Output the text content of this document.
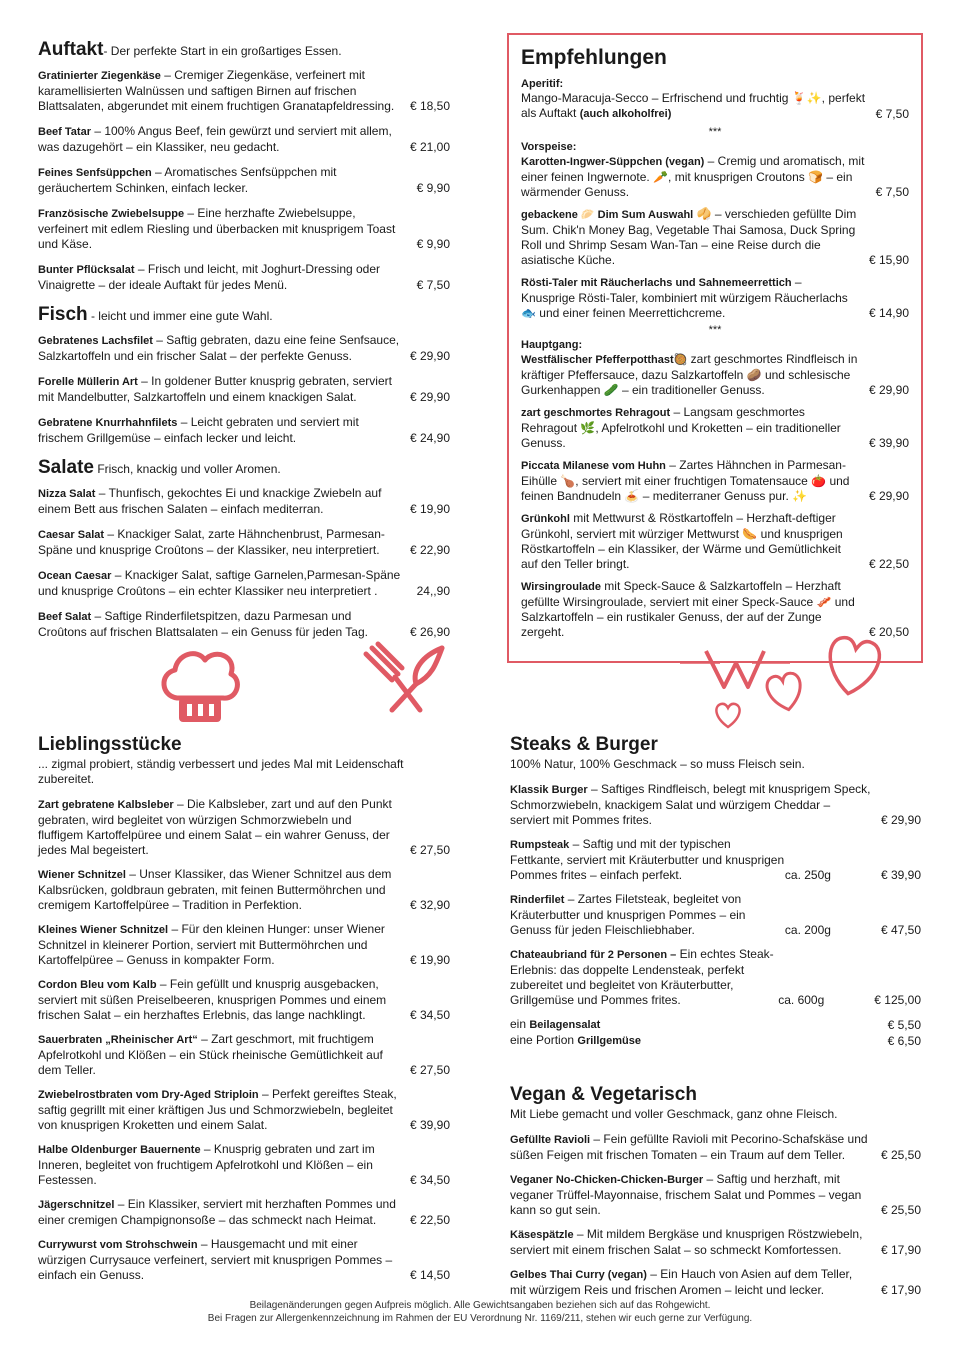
Auftakt- Der perfekte Start in ein großartiges Essen.
Gratinierter Ziegenkäse – Cremiger Ziegenkäse, verfeinert mit karamellisierten Walnüssen und saftigen Birnen auf frischen Blattsalaten, abgerundet mit einem fruchtigen Granatapfeldressing.	€ 18,50
Beef Tatar – 100% Angus Beef, fein gewürzt und serviert mit allem, was dazugehört – ein Klassiker, neu gedacht.	€ 21,00
Feines Senfsüppchen – Aromatisches Senfsüppchen mit geräuchertem Schinken, einfach lecker.	€ 9,90
Französische Zwiebelsuppe – Eine herzhafte Zwiebelsuppe, verfeinert mit edlem Riesling und überbacken mit knusprigem Toast und Käse.	€ 9,90
Bunter Pflücksalat – Frisch und leicht, mit Joghurt-Dressing oder Vinaigrette – der ideale Auftakt für jedes Menü.	€ 7,50
Fisch - leicht und immer eine gute Wahl.
Gebratenes Lachsfilet – Saftig gebraten, dazu eine feine Senfsauce, Salzkartoffeln und ein frischer Salat – der perfekte Genuss.	€ 29,90
Forelle Müllerin Art – In goldener Butter knusprig gebraten, serviert mit Mandelbutter, Salzkartoffeln und einem knackigen Salat.	€ 29,90
Gebratene Knurrhahnfilets – Leicht gebraten und serviert mit frischem Grillgemüse – einfach lecker und leicht.	€ 24,90
Salate Frisch, knackig und voller Aromen.
Nizza Salat – Thunfisch, gekochtes Ei und knackige Zwiebeln auf einem Bett aus frischen Salaten – einfach mediterran.	€ 19,90
Caesar Salat – Knackiger Salat, zarte Hähnchenbrust, Parmesan-Späne und knusprige Croûtons – der Klassiker, neu interpretiert.	€ 22,90
Ocean Caesar – Knackiger Salat, saftige Garnelen,Parmesan-Späne und knusprige Croûtons – ein echter Klassiker neu interpretiert .	24,,90
Beef Salat – Saftige Rinderfiletspitzen, dazu Parmesan und Croûtons auf frischen Blattsalaten – ein Genuss für jeden Tag.	€ 26,90
Empfehlungen
Aperitif:
Mango-Maracuja-Secco – Erfrischend und fruchtig 🍹✨, perfekt als Auftakt (auch alkoholfrei)	€ 7,50
***
Vorspeise:
Karotten-Ingwer-Süppchen (vegan) – Cremig und aromatisch, mit einer feinen Ingwernote. 🥕, mit knusprigen Croutons 🍞 – ein wärmender Genuss.	€ 7,50
gebackene 🥟 Dim Sum Auswahl 🥠 – verschieden gefüllte Dim Sum. Chik'n Money Bag, Vegetable Thai Samosa, Duck Spring Roll und Shrimp Sesam Wan-Tan – eine Reise durch die asiatische Küche.	€ 15,90
Rösti-Taler mit Räucherlachs und Sahnemeerrettich – Knusprige Rösti-Taler, kombiniert mit würzigem Räucherlachs 🐟 und einer feinen Meerrettichcreme.	€ 14,90
***
Hauptgang:
Westfälischer Pfefferpotthast🥘 zart geschmortes Rindfleisch in kräftiger Pfeffersauce, dazu Salzkartoffeln 🥔 und schlesische Gurkenhappen 🥒 – ein traditioneller Genuss.	€ 29,90
zart geschmortes Rehragout – Langsam geschmortes Rehragout 🌿, Apfelrotkohl und Kroketten – ein traditioneller Genuss.	€ 39,90
Piccata Milanese vom Huhn – Zartes Hähnchen in Parmesan-Eihülle 🍗, serviert mit einer fruchtigen Tomatensauce 🍅 und feinen Bandnudeln 🍝 – mediterraner Genuss pur. ✨	€ 29,90
Grünkohl mit Mettwurst & Röstkartoffeln – Herzhaft-deftiger Grünkohl, serviert mit würziger Mettwurst 🌭 und knusprigen Röstkartoffeln – ein Klassiker, der Wärme und Gemütlichkeit auf den Teller bringt.	€ 22,50
Wirsingroulade mit Speck-Sauce & Salzkartoffeln – Herzhaft gefüllte Wirsingroulade, serviert mit einer Speck-Sauce 🥓 und Salzkartoffeln – ein rustikaler Genuss, der auf der Zunge zergeht.	€ 20,50
Lieblingsstücke
... zigmal probiert, ständig verbessert und jedes Mal mit Leidenschaft zubereitet.
Zart gebratene Kalbsleber – Die Kalbsleber, zart und auf den Punkt gebraten, wird begleitet von würzigen Schmorzwiebeln und fluffigem Kartoffelpüree und einem Salat – ein wahrer Genuss, der jedes Mal begeistert.	€ 27,50
Wiener Schnitzel – Unser Klassiker, das Wiener Schnitzel aus dem Kalbsrücken, goldbraun gebraten, mit feinen Buttermöhrchen und cremigem Kartoffelpüree – Tradition in Perfektion.	€ 32,90
Kleines Wiener Schnitzel – Für den kleinen Hunger: unser Wiener Schnitzel in kleinerer Portion, serviert mit Buttermöhrchen und Kartoffelpüree – Genuss in kompakter Form.	€ 19,90
Cordon Bleu vom Kalb – Fein gefüllt und knusprig ausgebacken, serviert mit süßen Preiselbeeren, knusprigen Pommes und einem frischen Salat – ein herzhaftes Erlebnis, das lange nachklingt.	€ 34,50
Sauerbraten „Rheinischer Art“ – Zart geschmort, mit fruchtigem Apfelrotkohl und Klößen – ein Stück rheinische Gemütlichkeit auf dem Teller.	€ 27,50
Zwiebelrostbraten vom Dry-Aged Striploin – Perfekt gereiftes Steak, saftig gegrillt mit einer kräftigen Jus und Schmorzwiebeln, begleitet von knusprigen Kroketten und einem Salat.	€ 39,90
Halbe Oldenburger Bauernente – Knusprig gebraten und zart im Inneren, begleitet von fruchtigem Apfelrotkohl und Klößen – ein Festessen.	€ 34,50
Jägerschnitzel – Ein Klassiker, serviert mit herzhaften Pommes und einer cremigen Champignonsoße – das schmeckt nach Heimat.	€ 22,50
Currywurst vom Strohschwein – Hausgemacht und mit einer würzigen Currysauce verfeinert, serviert mit knusprigen Pommes – einfach ein Genuss.	€ 14,50
Steaks & Burger
100% Natur, 100% Geschmack – so muss Fleisch sein.
Klassik Burger – Saftiges Rindfleisch, belegt mit knusprigem Speck, Schmorzwiebeln, knackigem Salat und würzigem Cheddar – serviert mit Pommes frites.	€ 29,90
Rumpsteak – Saftig und mit der typischen Fettkante, serviert mit Kräuterbutter und knusprigen Pommes frites – einfach perfekt.	ca. 250g	€ 39,90
Rinderfilet – Zartes Filetsteak, begleitet von Kräuterbutter und knusprigen Pommes – ein Genuss für jeden Fleischliebhaber.	ca. 200g	€ 47,50
Chateaubriand für 2 Personen – Ein echtes Steak-Erlebnis: das doppelte Lendensteak, perfekt zubereitet und begleitet von Kräuterbutter, Grillgemüse und Pommes frites.	ca. 600g	€ 125,00
ein Beilagensalat	€ 5,50
eine Portion Grillgemüse	€ 6,50
Vegan & Vegetarisch
Mit Liebe gemacht und voller Geschmack, ganz ohne Fleisch.
Gefüllte Ravioli – Fein gefüllte Ravioli mit Pecorino-Schafskäse und süßen Feigen mit frischen Tomaten – ein Traum auf dem Teller.	€ 25,50
Veganer No-Chicken-Chicken-Burger – Saftig und herzhaft, mit veganer Trüffel-Mayonnaise, frischem Salat und Pommes – vegan kann so gut sein.	€ 25,50
Käsespätzle – Mit mildem Bergkäse und knusprigen Röstzwiebeln, serviert mit einem frischen Salat – so schmeckt Komfortessen.	€ 17,90
Gelbes Thai Curry (vegan) – Ein Hauch von Asien auf dem Teller, mit würzigem Reis und frischen Aromen – leicht und lecker.	€ 17,90
Beilagenänderungen gegen Aufpreis möglich. Alle Gewichtsangaben beziehen sich auf das Rohgewicht.
Bei Fragen zur Allergenkennzeichnung im Rahmen der EU Verordnung Nr. 1169/211, stehen wir euch gerne zur Verfügung.
